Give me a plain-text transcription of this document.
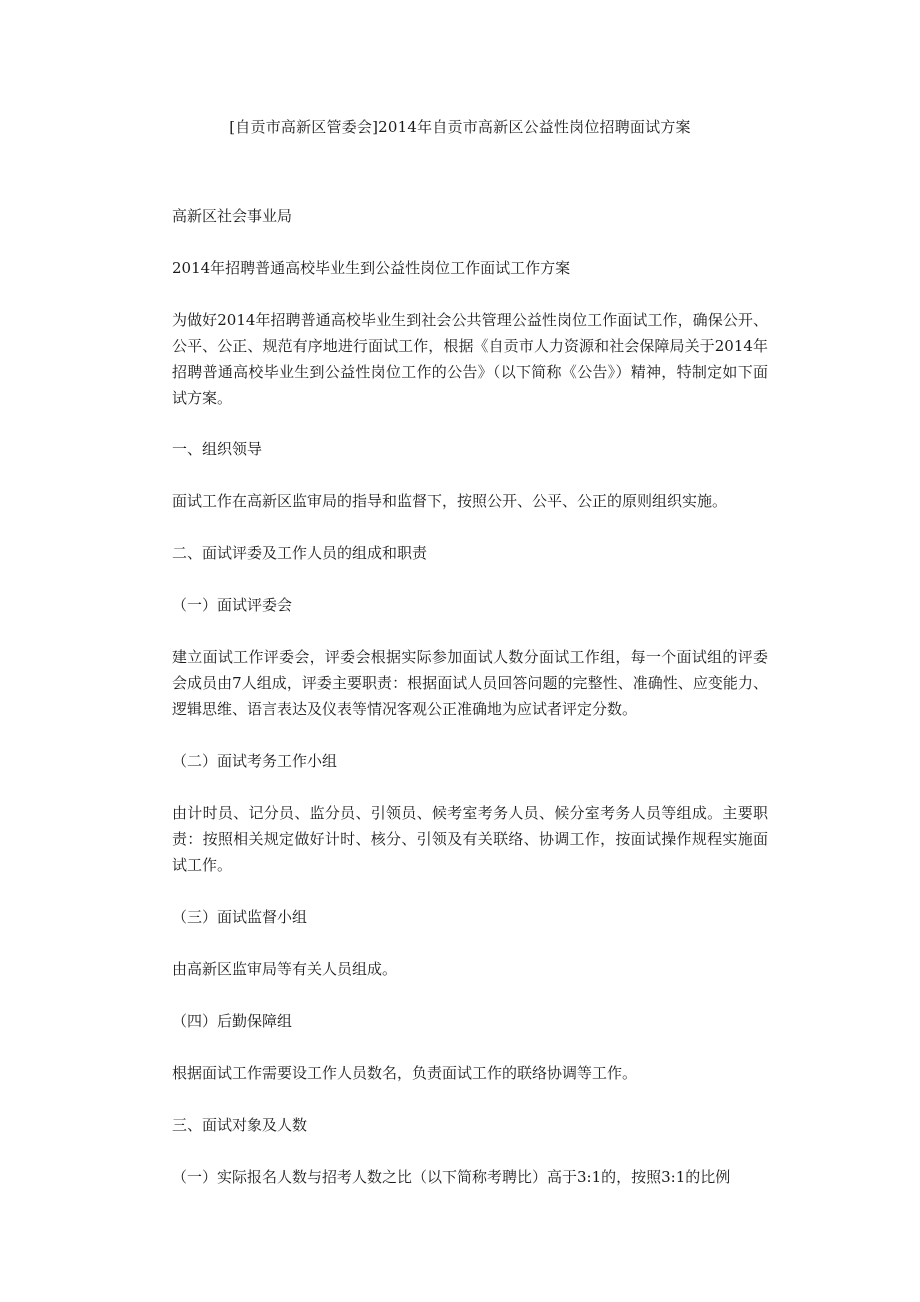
[自贡市高新区管委会]2014年自贡市高新区公益性岗位招聘面试方案
高新区社会事业局
2014年招聘普通高校毕业生到公益性岗位工作面试工作方案
为做好2014年招聘普通高校毕业生到社会公共管理公益性岗位工作面试工作，确保公开、公平、公正、规范有序地进行面试工作，根据《自贡市人力资源和社会保障局关于2014年招聘普通高校毕业生到公益性岗位工作的公告》（以下简称《公告》）精神，特制定如下面试方案。
一、组织领导
面试工作在高新区监审局的指导和监督下，按照公开、公平、公正的原则组织实施。
二、面试评委及工作人员的组成和职责
（一）面试评委会
建立面试工作评委会，评委会根据实际参加面试人数分面试工作组，每一个面试组的评委会成员由7人组成，评委主要职责：根据面试人员回答问题的完整性、准确性、应变能力、逻辑思维、语言表达及仪表等情况客观公正准确地为应试者评定分数。
（二）面试考务工作小组
由计时员、记分员、监分员、引领员、候考室考务人员、候分室考务人员等组成。主要职责：按照相关规定做好计时、核分、引领及有关联络、协调工作，按面试操作规程实施面试工作。
（三）面试监督小组
由高新区监审局等有关人员组成。
（四）后勤保障组
根据面试工作需要设工作人员数名，负责面试工作的联络协调等工作。
三、面试对象及人数
（一）实际报名人数与招考人数之比（以下简称考聘比）高于3:1的，按照3:1的比例
